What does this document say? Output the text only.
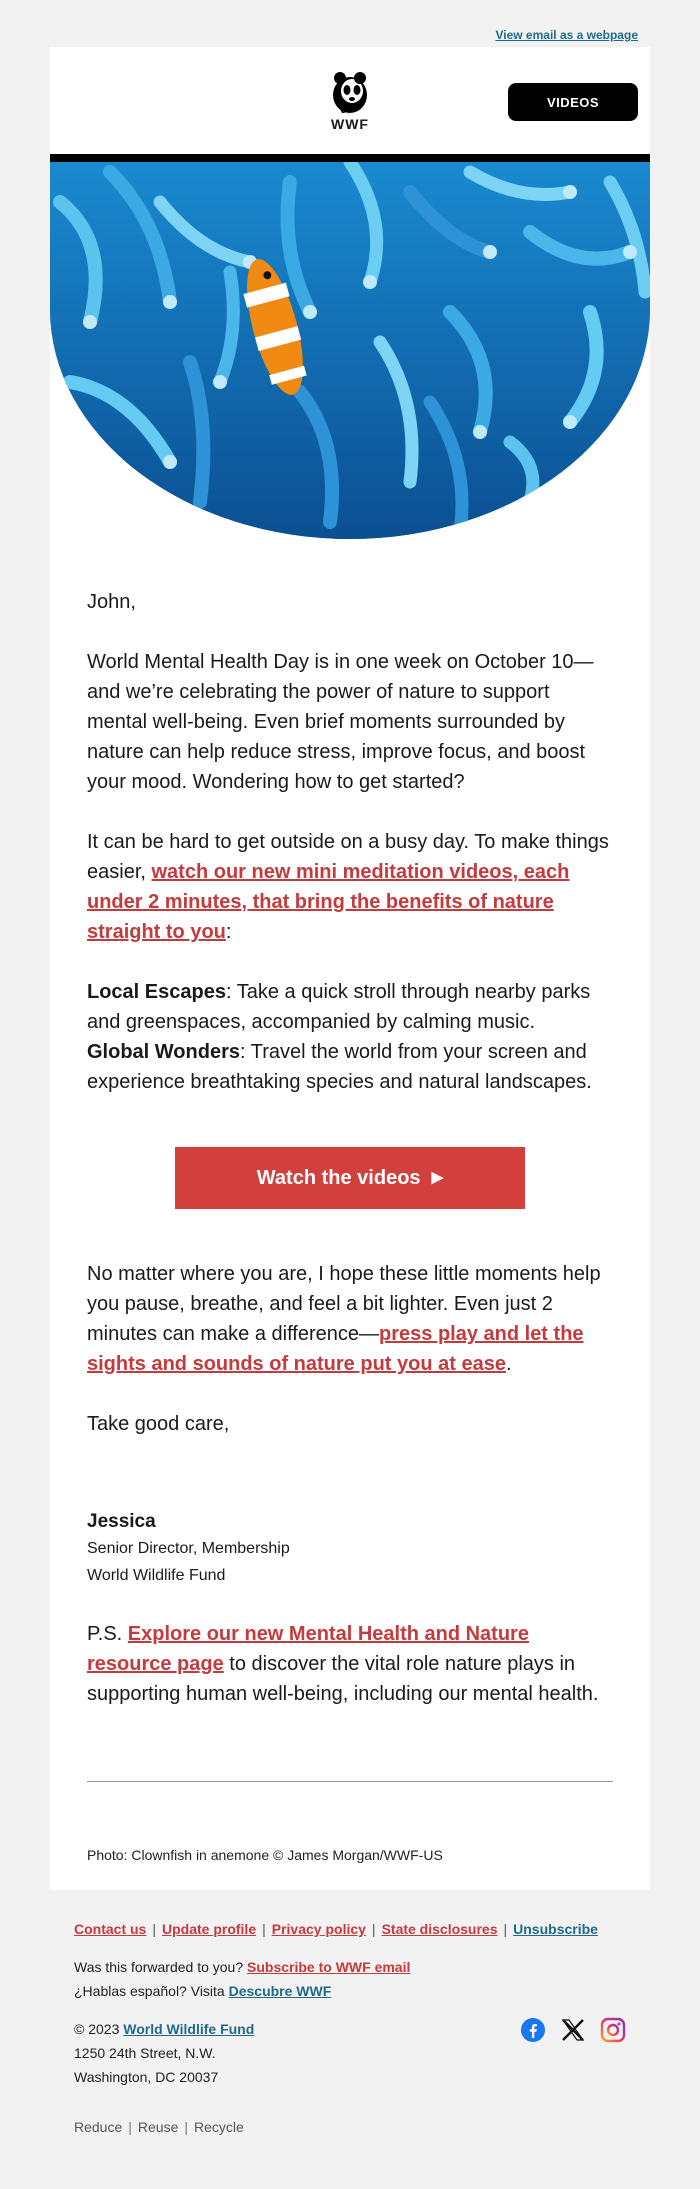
View email as a webpage
WWF
VIDEOS

John,

World Mental Health Day is in one week on October 10—and we’re celebrating the power of nature to support mental well-being. Even brief moments surrounded by nature can help reduce stress, improve focus, and boost your mood. Wondering how to get started?

It can be hard to get outside on a busy day. To make things easier, watch our new mini meditation videos, each under 2 minutes, that bring the benefits of nature straight to you:

Local Escapes: Take a quick stroll through nearby parks and greenspaces, accompanied by calming music.
Global Wonders: Travel the world from your screen and experience breathtaking species and natural landscapes.

Watch the videos
▶

No matter where you are, I hope these little moments help you pause, breathe, and feel a bit lighter. Even just 2 minutes can make a difference—press play and let the sights and sounds of nature put you at ease.

Take good care,

Jessica
Senior Director, Membership
World Wildlife Fund

P.S. Explore our new Mental Health and Nature resource page to discover the vital role nature plays in supporting human well-being, including our mental health.

Photo: Clownfish in anemone © James Morgan/WWF-US
Contact us | Update profile | Privacy policy | State disclosures | Unsubscribe
Was this forwarded to you? Subscribe to WWF email
¿Hablas español? Visita Descubre WWF
© 2023 World Wildlife Fund
1250 24th Street, N.W.
Washington, DC 20037
Reduce | Reuse | Recycle
